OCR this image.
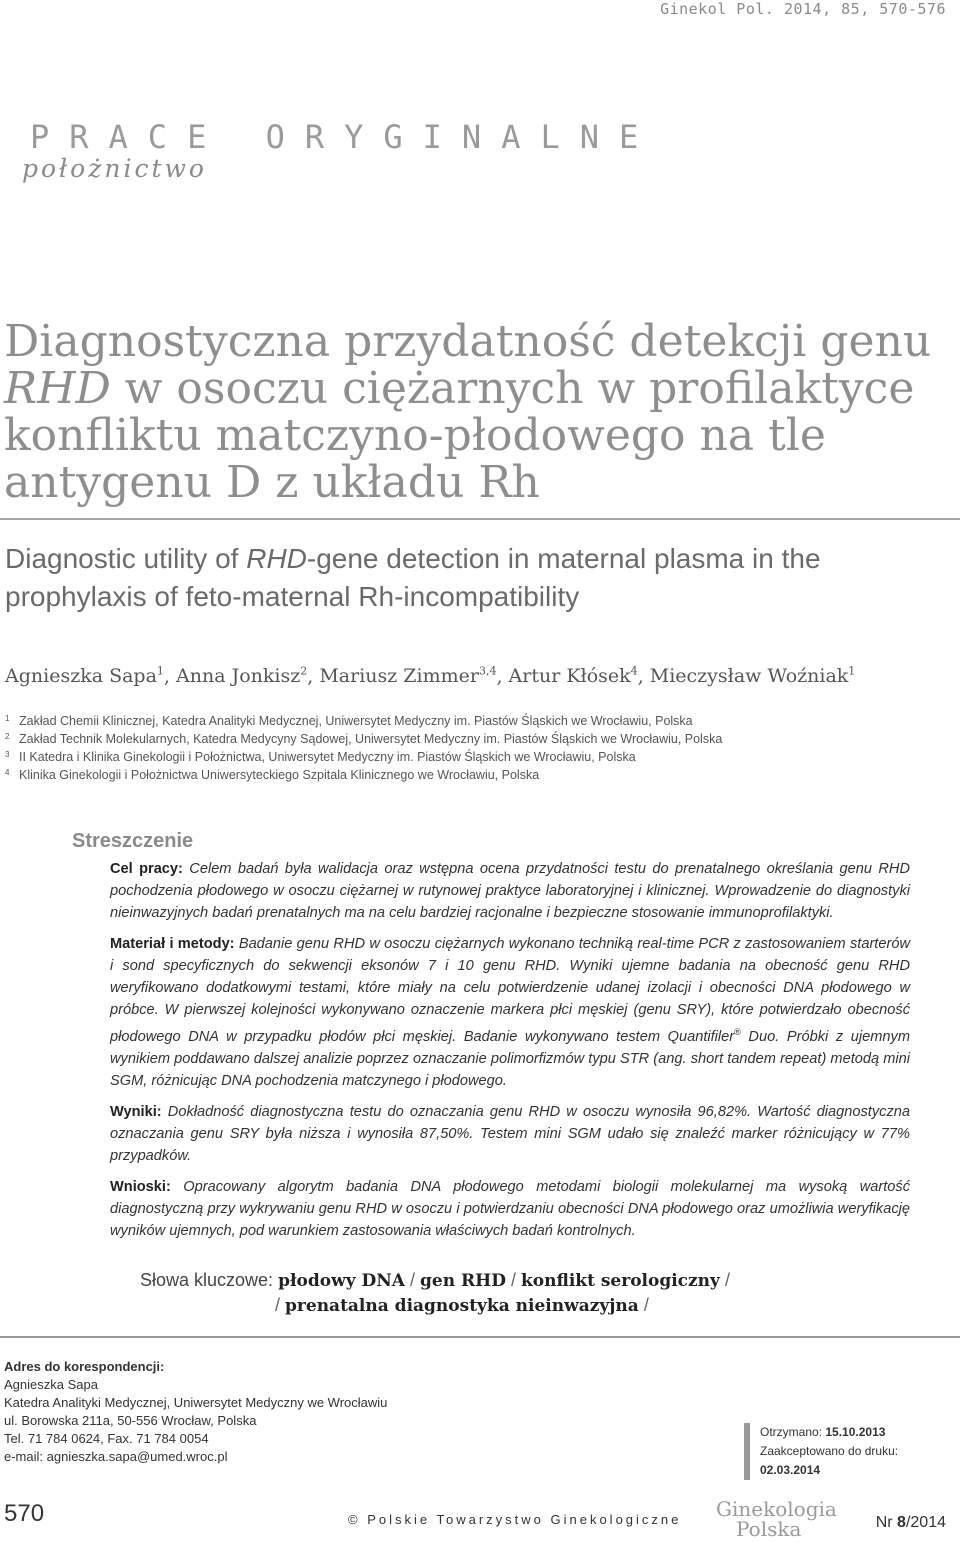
Ginekol Pol. 2014, 85, 570-576
PRACE ORYGINALNE
położnictwo
Diagnostyczna przydatność detekcji genu RHD w osoczu ciężarnych w profilaktyce konfliktu matczyno-płodowego na tle antygenu D z układu Rh
Diagnostic utility of RHD-gene detection in maternal plasma in the prophylaxis of feto-maternal Rh-incompatibility
Agnieszka Sapa$^1$, Anna Jonkisz$^2$, Mariusz Zimmer$^{3,4}$, Artur Kłósek$^4$, Mieczysław Woźniak$^1$
1 Zakład Chemii Klinicznej, Katedra Analityki Medycznej, Uniwersytet Medyczny im. Piastów Śląskich we Wrocławiu, Polska
2 Zakład Technik Molekularnych, Katedra Medycyny Sądowej, Uniwersytet Medyczny im. Piastów Śląskich we Wrocławiu, Polska
3 II Katedra i Klinika Ginekologii i Położnictwa, Uniwersytet Medyczny im. Piastów Śląskich we Wrocławiu, Polska
4 Klinika Ginekologii i Położnictwa Uniwersyteckiego Szpitala Klinicznego we Wrocławiu, Polska
Streszczenie

Cel pracy: Celem badań była walidacja oraz wstępna ocena przydatności testu do prenatalnego określania genu RHD pochodzenia płodowego w osoczu ciężarnej w rutynowej praktyce laboratoryjnej i klinicznej. Wprowadzenie do diagnostyki nieinwazyjnych badań prenatalnych ma na celu bardziej racjonalne i bezpieczne stosowanie immunoprofilaktyki.

Materiał i metody: Badanie genu RHD w osoczu ciężarnych wykonano techniką real-time PCR z zastosowaniem starterów i sond specyficznych do sekwencji eksonów 7 i 10 genu RHD. Wyniki ujemne badania na obecność genu RHD weryfikowano dodatkowymi testami, które miały na celu potwierdzenie udanej izolacji i obecności DNA płodowego w próbce. W pierwszej kolejności wykonywano oznaczenie markera płci męskiej (genu SRY), które potwierdzało obecność płodowego DNA w przypadku płodów płci męskiej. Badanie wykonywano testem Quantifiler® Duo. Próbki z ujemnym wynikiem poddawano dalszej analizie poprzez oznaczanie polimorfizmów typu STR (ang. short tandem repeat) metodą mini SGM, różnicując DNA pochodzenia matczynego i płodowego.

Wyniki: Dokładność diagnostyczna testu do oznaczania genu RHD w osoczu wynosiła 96,82%. Wartość diagnostyczna oznaczania genu SRY była niższa i wynosiła 87,50%. Testem mini SGM udało się znaleźć marker różnicujący w 77% przypadków.

Wnioski: Opracowany algorytm badania DNA płodowego metodami biologii molekularnej ma wysoką wartość diagnostyczną przy wykrywaniu genu RHD w osoczu i potwierdzaniu obecności DNA płodowego oraz umożliwia weryfikację wyników ujemnych, pod warunkiem zastosowania właściwych badań kontrolnych.

Słowa kluczowe: płodowy DNA / gen RHD / konflikt serologiczny /
/ prenatalna diagnostyka nieinwazyjna /
Adres do korespondencji:
Agnieszka Sapa
Katedra Analityki Medycznej, Uniwersytet Medyczny we Wrocławiu
ul. Borowska 211a, 50-556 Wrocław, Polska
Tel. 71 784 0624, Fax. 71 784 0054
e-mail: agnieszka.sapa@umed.wroc.pl
Otrzymano: 15.10.2013
Zaakceptowano do druku: 02.03.2014
570	© Polskie Towarzystwo Ginekologiczne Ginekologia
Polska	Nr 8/2014
